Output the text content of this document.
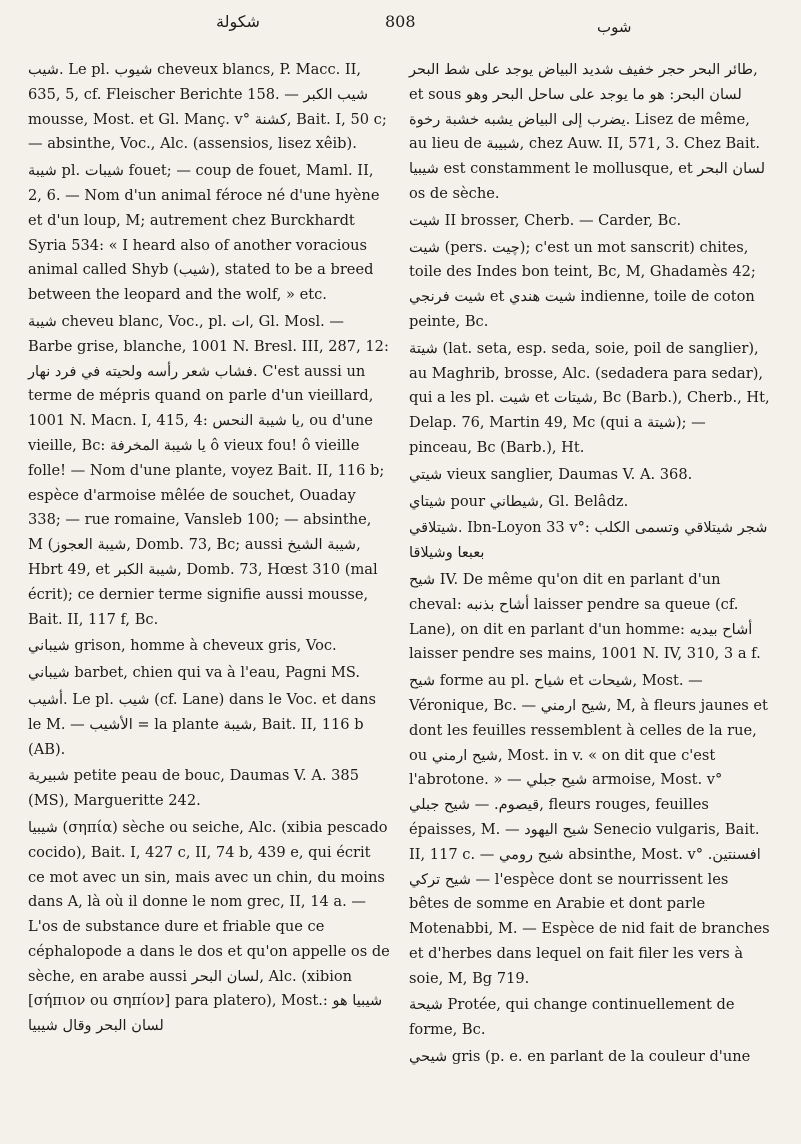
شكولة	808	شوب

شيب. Le pl. شيوب cheveux blancs, P. Macc. II, 635, 5, cf. Fleischer Berichte 158. — شيب الكبر mousse, Most. et Gl. Manç. v° كشنة, Bait. I, 50 c; — absinthe, Voc., Alc. (assensios, lisez xêib).

شيبة pl. شيبات fouet; — coup de fouet, Maml. II, 2, 6. — Nom d'un animal féroce né d'une hyène et d'un loup, M; autrement chez Burckhardt Syria 534: « I heard also of another voracious animal called Shyb (شيب), stated to be a breed between the leopard and the wolf, » etc.

شيبة cheveu blanc, Voc., pl. ات, Gl. Mosl. — Barbe grise, blanche, 1001 N. Bresl. III, 287, 12: فشاب شعر رأسه ولحيته في فرد نهار. C'est aussi un terme de mépris quand on parle d'un vieillard, 1001 N. Macn. I, 415, 4: يا شيبة النحس, ou d'une vieille, Bc: يا شيبة المخرفة ô vieux fou! ô vieille folle! — Nom d'une plante, voyez Bait. II, 116 b; espèce d'armoise mêlée de souchet, Ouaday 338; — rue romaine, Vansleb 100; — absinthe, M (شيبة العجوز, Domb. 73, Bc; aussi شيبة الشيخ, Hbrt 49, et شيبة الكبر, Domb. 73, Hœst 310 (mal écrit); ce dernier terme signifie aussi mousse, Bait. II, 117 f, Bc.

شيباني grison, homme à cheveux gris, Voc.

شيباني barbet, chien qui va à l'eau, Pagni MS.

أشيب. Le pl. شيب (cf. Lane) dans le Voc. et dans le M. — الأشيب = la plante شيبة, Bait. II, 116 b (AB).

شبيرية petite peau de bouc, Daumas V. A. 385 (MS), Margueritte 242.

شيبيا (σηπία) sèche ou seiche, Alc. (xibia pescado cocido), Bait. I, 427 c, II, 74 b, 439 e, qui écrit ce mot avec un sin, mais avec un chin, du moins dans A, là où il donne le nom grec, II, 14 a. — L'os de substance dure et friable que ce céphalopode a dans le dos et qu'on appelle os de sèche, en arabe aussi لسان البحر, Alc. (xibion [σήπιον ou σηπίον] para platero), Most.: شيبيا هو لسان البحر وقال شيبيا

طائر البحر حجر خفيف شديد البياض يوجد على شط البحر, et sous لسان البحر: هو ما يوجد على ساحل البحر وهو يضرب إلى البياض يشبه خشبة رخوة. Lisez de même, au lieu de شبيبة, chez Auw. II, 571, 3. Chez Bait. شيبيا est constamment le mollusque, et لسان البحر os de sèche.

شيت II brosser, Cherb. — Carder, Bc.

شيت (pers. چيت); c'est un mot sanscrit) chites, toile des Indes bon teint, Bc, M, Ghadamès 42; شيت فرنجي et شيت هندي indienne, toile de coton peinte, Bc.

شيتة (lat. seta, esp. seda, soie, poil de sanglier), au Maghrib, brosse, Alc. (sedadera para sedar), qui a les pl. شيت et شيتات, Bc (Barb.), Cherb., Ht, Delap. 76, Martin 49, Mc (qui a شيتة); — pinceau, Bc (Barb.), Ht.

شيتي vieux sanglier, Daumas V. A. 368.

شيتاي pour شيطاني, Gl. Belâdz.

شيتلاقي. Ibn-Loyon 33 v°: شجر شيتلاقي وتسمى الكلب بعبعا وشيلاقا

شيح IV. De même qu'on dit en parlant d'un cheval: أشاح بذنبه laisser pendre sa queue (cf. Lane), on dit en parlant d'un homme: أشاح بيديه laisser pendre ses mains, 1001 N. IV, 310, 3 a f.

شيح forme au pl. شياح et شيحات, Most. — Véronique, Bc. — شيح ارمني, M, à fleurs jaunes et dont les feuilles ressemblent à celles de la rue, ou شيح ارمني, Most. in v. « on dit que c'est l'abrotone. » — شيح جبلي armoise, Most. v° قيصوم. — شيح جبلي, fleurs rouges, feuilles épaisses, M. — شيح اليهود Senecio vulgaris, Bait. II, 117 c. — شيح رومي absinthe, Most. v° افسنتين. — شيح تركي l'espèce dont se nourrissent les bêtes de somme en Arabie et dont parle Motenabbi, M. — Espèce de nid fait de branches et d'herbes dans lequel on fait filer les vers à soie, M, Bg 719.

شيحة Protée, qui change continuellement de forme, Bc.

شيحي gris (p. e. en parlant de la couleur d'une
